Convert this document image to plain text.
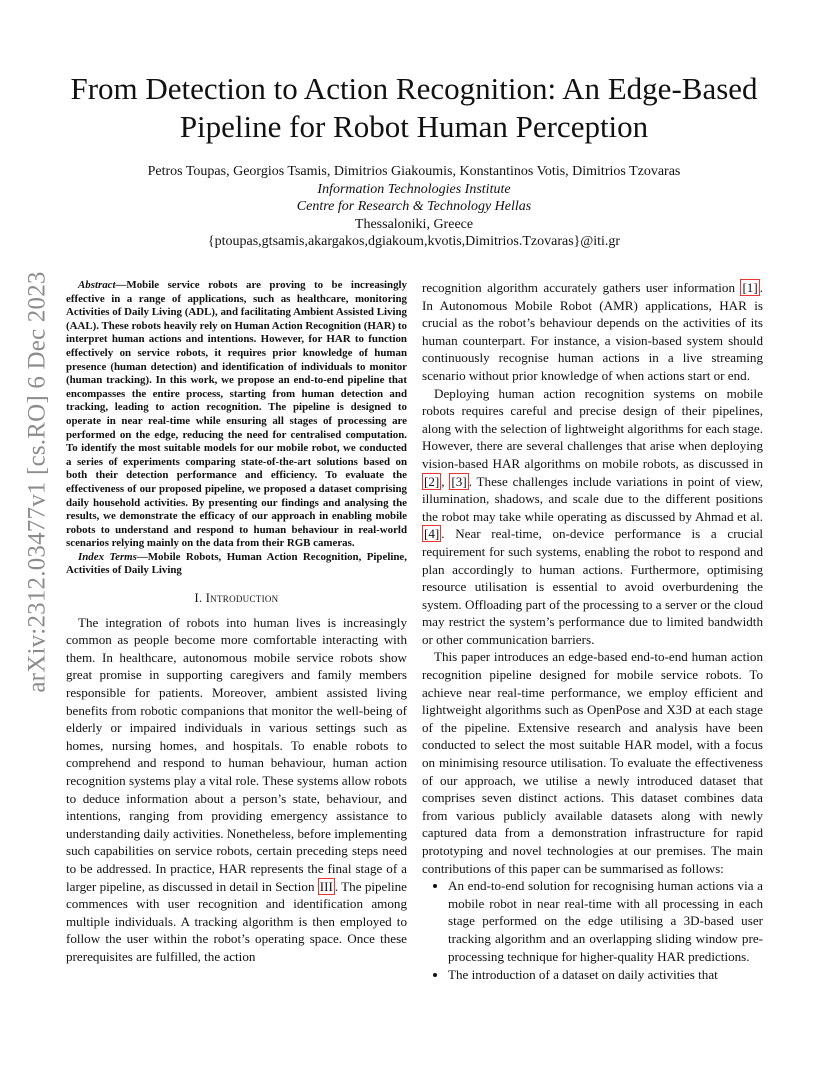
arXiv:2312.03477v1 [cs.RO] 6 Dec 2023
From Detection to Action Recognition: An Edge-Based Pipeline for Robot Human Perception
Petros Toupas, Georgios Tsamis, Dimitrios Giakoumis, Konstantinos Votis, Dimitrios Tzovaras
Information Technologies Institute
Centre for Research & Technology Hellas
Thessaloniki, Greece
{ptoupas,gtsamis,akargakos,dgiakoum,kvotis,Dimitrios.Tzovaras}@iti.gr

Abstract—Mobile service robots are proving to be increasingly effective in a range of applications, such as healthcare, monitoring Activities of Daily Living (ADL), and facilitating Ambient Assisted Living (AAL). These robots heavily rely on Human Action Recognition (HAR) to interpret human actions and intentions. However, for HAR to function effectively on service robots, it requires prior knowledge of human presence (human detection) and identification of individuals to monitor (human tracking). In this work, we propose an end-to-end pipeline that encompasses the entire process, starting from human detection and tracking, leading to action recognition. The pipeline is designed to operate in near real-time while ensuring all stages of processing are performed on the edge, reducing the need for centralised computation. To identify the most suitable models for our mobile robot, we conducted a series of experiments comparing state-of-the-art solutions based on both their detection performance and efficiency. To evaluate the effectiveness of our proposed pipeline, we proposed a dataset comprising daily household activities. By presenting our findings and analysing the results, we demonstrate the efficacy of our approach in enabling mobile robots to understand and respond to human behaviour in real-world scenarios relying mainly on the data from their RGB cameras.

Index Terms—Mobile Robots, Human Action Recognition, Pipeline, Activities of Daily Living

I. Introduction

The integration of robots into human lives is increasingly common as people become more comfortable interacting with them. In healthcare, autonomous mobile service robots show great promise in supporting caregivers and family members responsible for patients. Moreover, ambient assisted living benefits from robotic companions that monitor the well-being of elderly or impaired individuals in various settings such as homes, nursing homes, and hospitals. To enable robots to comprehend and respond to human behaviour, human action recognition systems play a vital role. These systems allow robots to deduce information about a person’s state, behaviour, and intentions, ranging from providing emergency assistance to understanding daily activities. Nonetheless, before implementing such capabilities on service robots, certain preceding steps need to be addressed. In practice, HAR represents the final stage of a larger pipeline, as discussed in detail in Section III . The pipeline commences with user recognition and identification among multiple individuals. A tracking algorithm is then employed to follow the user within the robot’s operating space. Once these prerequisites are fulfilled, the action

recognition algorithm accurately gathers user information [1] . In Autonomous Mobile Robot (AMR) applications, HAR is crucial as the robot’s behaviour depends on the activities of its human counterpart. For instance, a vision-based system should continuously recognise human actions in a live streaming scenario without prior knowledge of when actions start or end.

Deploying human action recognition systems on mobile robots requires careful and precise design of their pipelines, along with the selection of lightweight algorithms for each stage. However, there are several challenges that arise when deploying vision-based HAR algorithms on mobile robots, as discussed in [2] , [3] . These challenges include variations in point of view, illumination, shadows, and scale due to the different positions the robot may take while operating as discussed by Ahmad et al. [4] . Near real-time, on-device performance is a crucial requirement for such systems, enabling the robot to respond and plan accordingly to human actions. Furthermore, optimising resource utilisation is essential to avoid overburdening the system. Offloading part of the processing to a server or the cloud may restrict the system’s performance due to limited bandwidth or other communication barriers.

This paper introduces an edge-based end-to-end human action recognition pipeline designed for mobile service robots. To achieve near real-time performance, we employ efficient and lightweight algorithms such as OpenPose and X3D at each stage of the pipeline. Extensive research and analysis have been conducted to select the most suitable HAR model, with a focus on minimising resource utilisation. To evaluate the effectiveness of our approach, we utilise a newly introduced dataset that comprises seven distinct actions. This dataset combines data from various publicly available datasets along with newly captured data from a demonstration infrastructure for rapid prototyping and novel technologies at our premises. The main contributions of this paper can be summarised as follows:

• An end-to-end solution for recognising human actions via a mobile robot in near real-time with all processing in each stage performed on the edge utilising a 3D-based user tracking algorithm and an overlapping sliding window pre-processing technique for higher-quality HAR predictions.
• The introduction of a dataset on daily activities that
